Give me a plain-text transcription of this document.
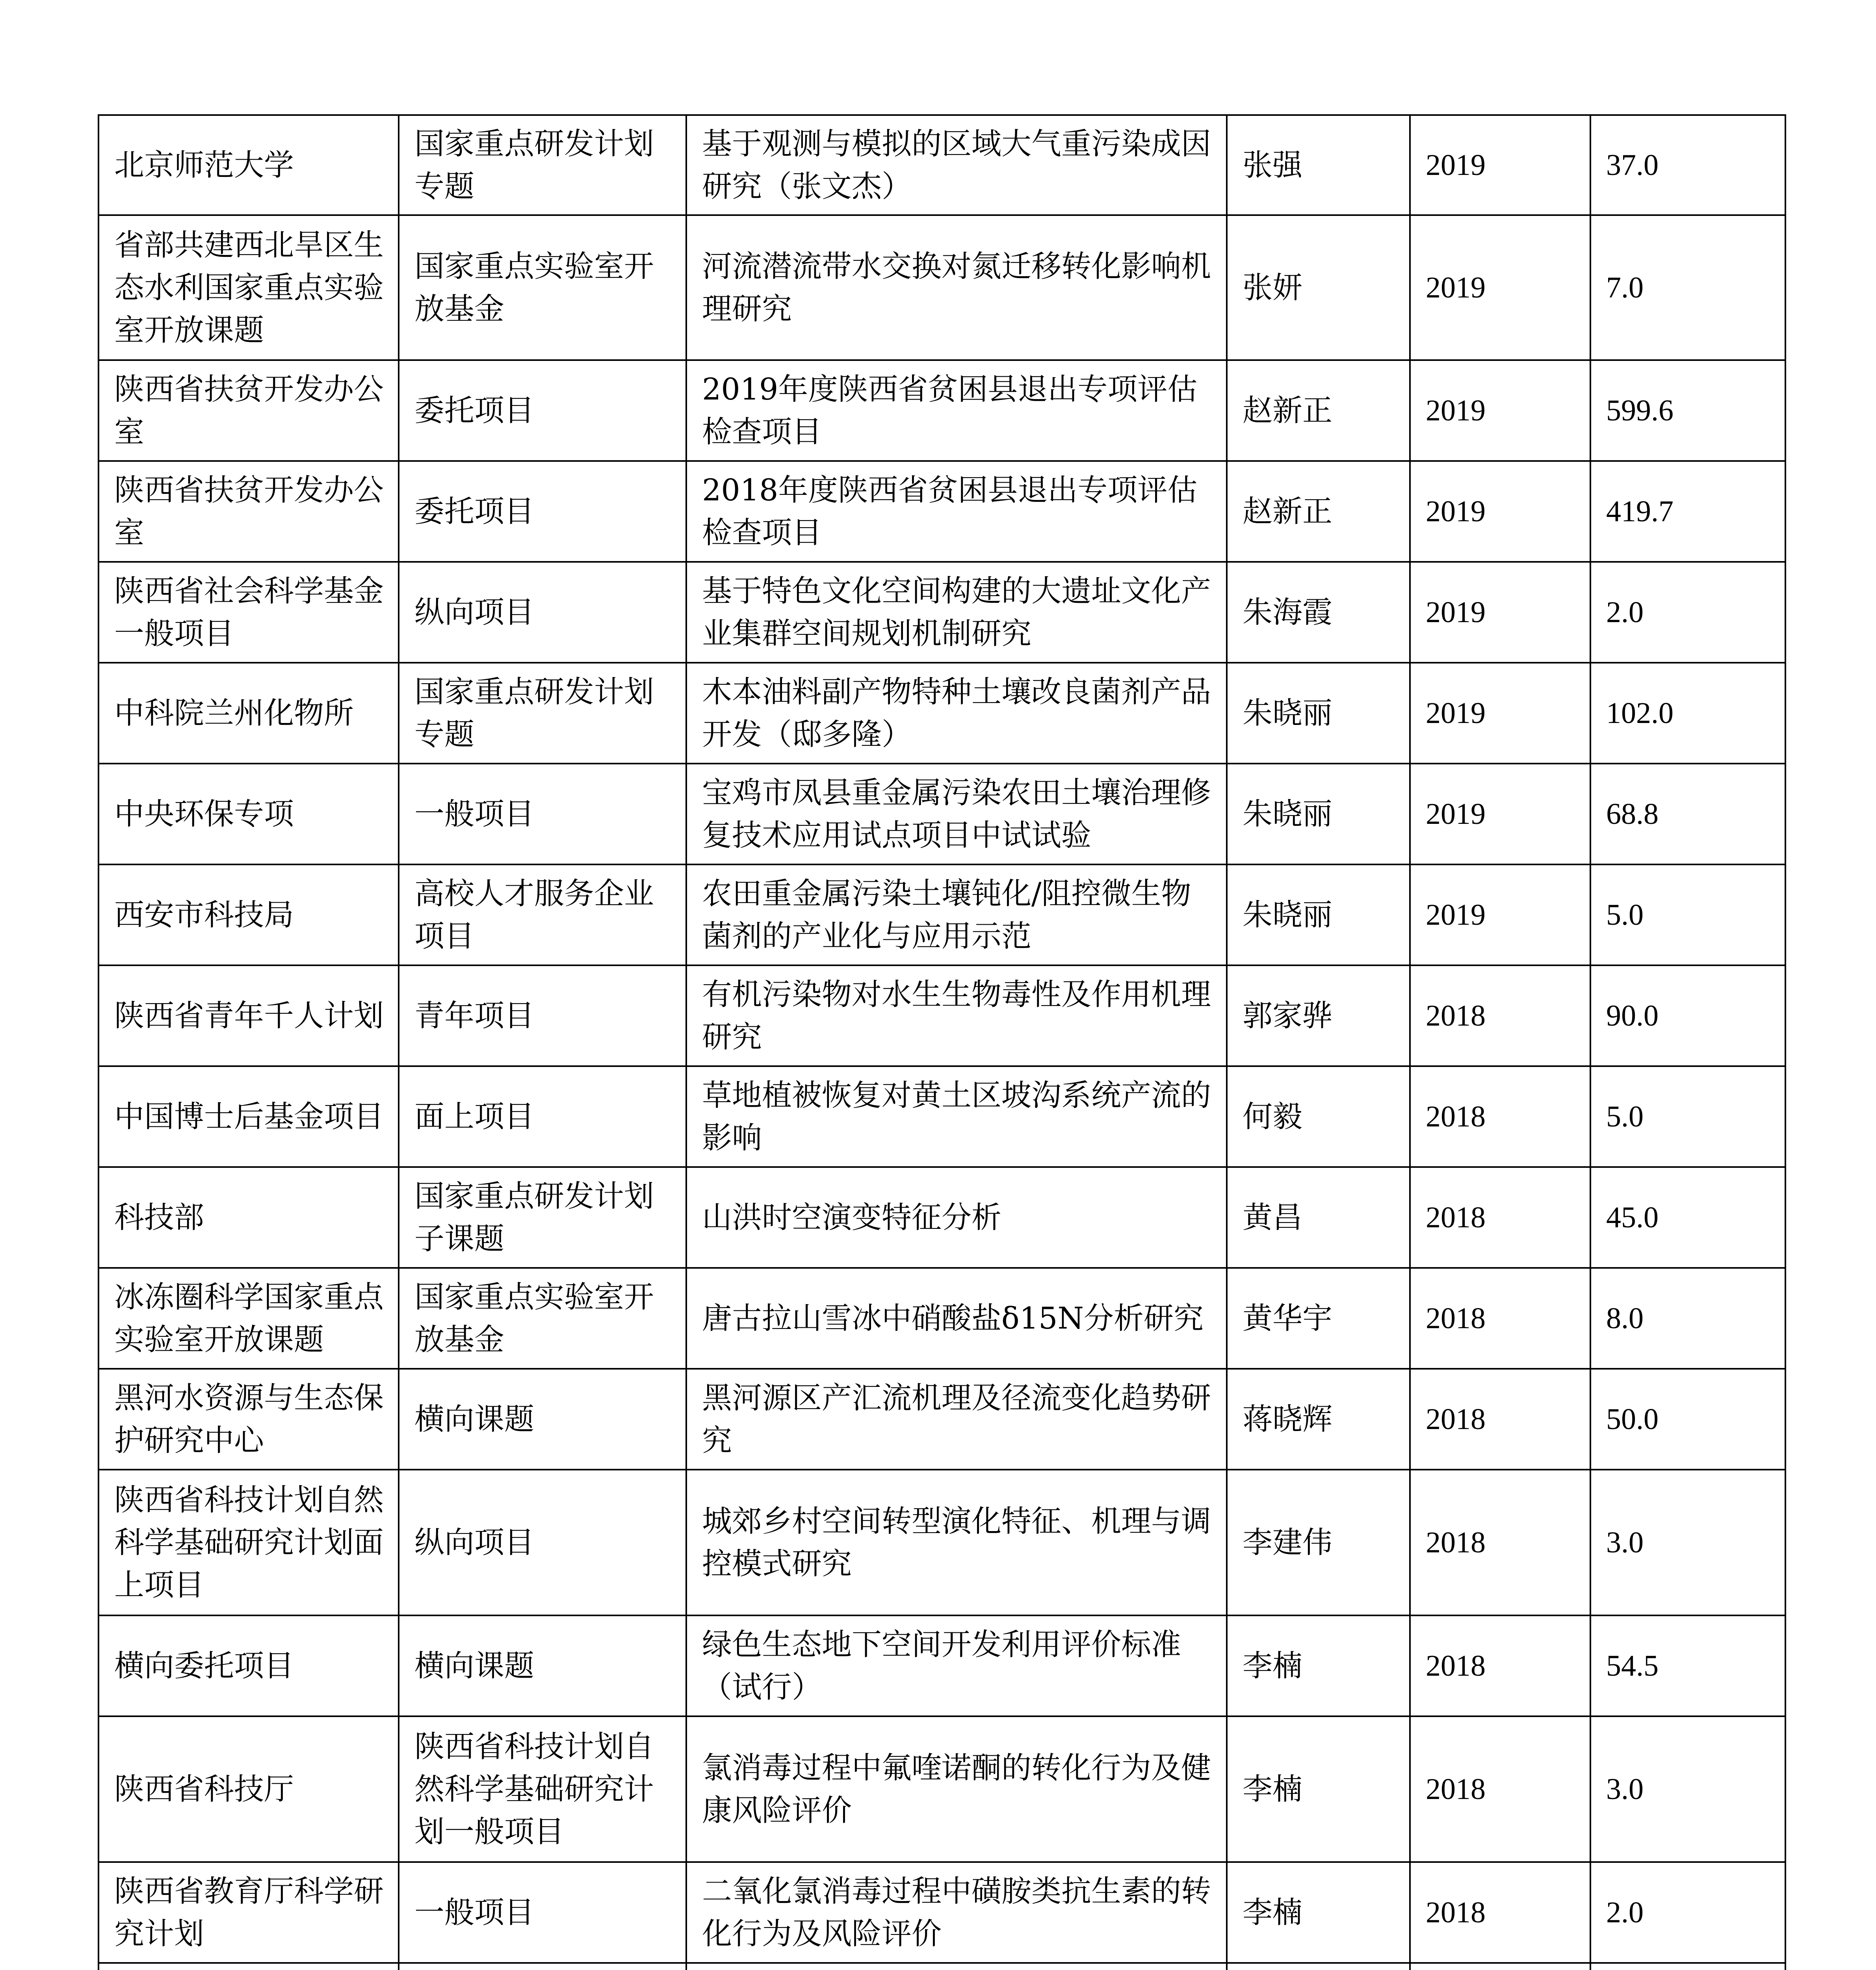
北京师范大学	国家重点研发计划专题	基于观测与模拟的区域大气重污染成因研究（张文杰）	张强	2019	37.0
省部共建西北旱区生态水利国家重点实验室开放课题	国家重点实验室开放基金	河流潜流带水交换对氮迁移转化影响机理研究	张妍	2019	7.0
陕西省扶贫开发办公室	委托项目	2019年度陕西省贫困县退出专项评估检查项目	赵新正	2019	599.6
陕西省扶贫开发办公室	委托项目	2018年度陕西省贫困县退出专项评估检查项目	赵新正	2019	419.7
陕西省社会科学基金一般项目	纵向项目	基于特色文化空间构建的大遗址文化产业集群空间规划机制研究	朱海霞	2019	2.0
中科院兰州化物所	国家重点研发计划专题	木本油料副产物特种土壤改良菌剂产品开发（邸多隆）	朱晓丽	2019	102.0
中央环保专项	一般项目	宝鸡市凤县重金属污染农田土壤治理修复技术应用试点项目中试试验	朱晓丽	2019	68.8
西安市科技局	高校人才服务企业项目	农田重金属污染土壤钝化/阻控微生物菌剂的产业化与应用示范	朱晓丽	2019	5.0
陕西省青年千人计划	青年项目	有机污染物对水生生物毒性及作用机理研究	郭家骅	2018	90.0
中国博士后基金项目	面上项目	草地植被恢复对黄土区坡沟系统产流的影响	何毅	2018	5.0
科技部	国家重点研发计划子课题	山洪时空演变特征分析	黄昌	2018	45.0
冰冻圈科学国家重点实验室开放课题	国家重点实验室开放基金	唐古拉山雪冰中硝酸盐δ15N分析研究	黄华宇	2018	8.0
黑河水资源与生态保护研究中心	横向课题	黑河源区产汇流机理及径流变化趋势研究	蒋晓辉	2018	50.0
陕西省科技计划自然科学基础研究计划面上项目	纵向项目	城郊乡村空间转型演化特征、机理与调控模式研究	李建伟	2018	3.0
横向委托项目	横向课题	绿色生态地下空间开发利用评价标准（试行）	李楠	2018	54.5
陕西省科技厅	陕西省科技计划自然科学基础研究计划一般项目	氯消毒过程中氟喹诺酮的转化行为及健康风险评价	李楠	2018	3.0
陕西省教育厅科学研究计划	一般项目	二氧化氯消毒过程中磺胺类抗生素的转化行为及风险评价	李楠	2018	2.0
